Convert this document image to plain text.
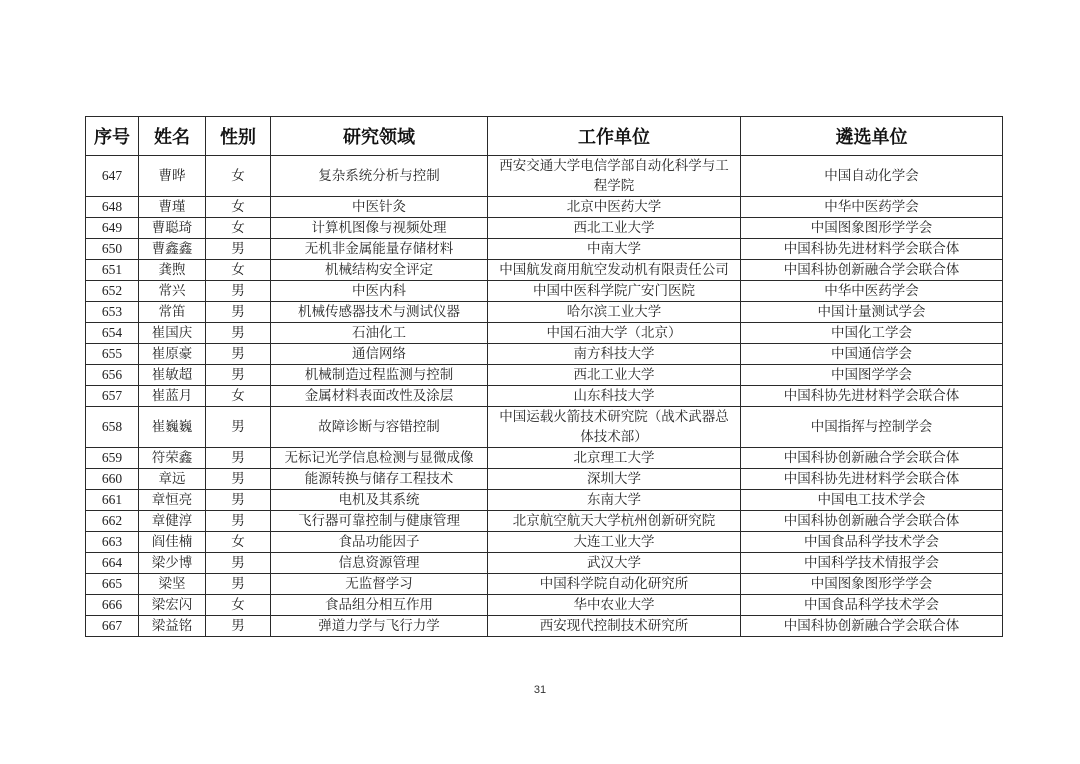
序号	姓名	性别	研究领域	工作单位	遴选单位
647	曹晔	女	复杂系统分析与控制	西安交通大学电信学部自动化科学与工程学院	中国自动化学会
648	曹瑾	女	中医针灸	北京中医药大学	中华中医药学会
649	曹聪琦	女	计算机图像与视频处理	西北工业大学	中国图象图形学学会
650	曹鑫鑫	男	无机非金属能量存储材料	中南大学	中国科协先进材料学会联合体
651	龚煦	女	机械结构安全评定	中国航发商用航空发动机有限责任公司	中国科协创新融合学会联合体
652	常兴	男	中医内科	中国中医科学院广安门医院	中华中医药学会
653	常笛	男	机械传感器技术与测试仪器	哈尔滨工业大学	中国计量测试学会
654	崔国庆	男	石油化工	中国石油大学（北京）	中国化工学会
655	崔原豪	男	通信网络	南方科技大学	中国通信学会
656	崔敏超	男	机械制造过程监测与控制	西北工业大学	中国图学学会
657	崔蓝月	女	金属材料表面改性及涂层	山东科技大学	中国科协先进材料学会联合体
658	崔巍巍	男	故障诊断与容错控制	中国运载火箭技术研究院（战术武器总体技术部）	中国指挥与控制学会
659	符荣鑫	男	无标记光学信息检测与显微成像	北京理工大学	中国科协创新融合学会联合体
660	章远	男	能源转换与储存工程技术	深圳大学	中国科协先进材料学会联合体
661	章恒亮	男	电机及其系统	东南大学	中国电工技术学会
662	章健淳	男	飞行器可靠控制与健康管理	北京航空航天大学杭州创新研究院	中国科协创新融合学会联合体
663	阎佳楠	女	食品功能因子	大连工业大学	中国食品科学技术学会
664	梁少博	男	信息资源管理	武汉大学	中国科学技术情报学会
665	梁坚	男	无监督学习	中国科学院自动化研究所	中国图象图形学学会
666	梁宏闪	女	食品组分相互作用	华中农业大学	中国食品科学技术学会
667	梁益铭	男	弹道力学与飞行力学	西安现代控制技术研究所	中国科协创新融合学会联合体
31
